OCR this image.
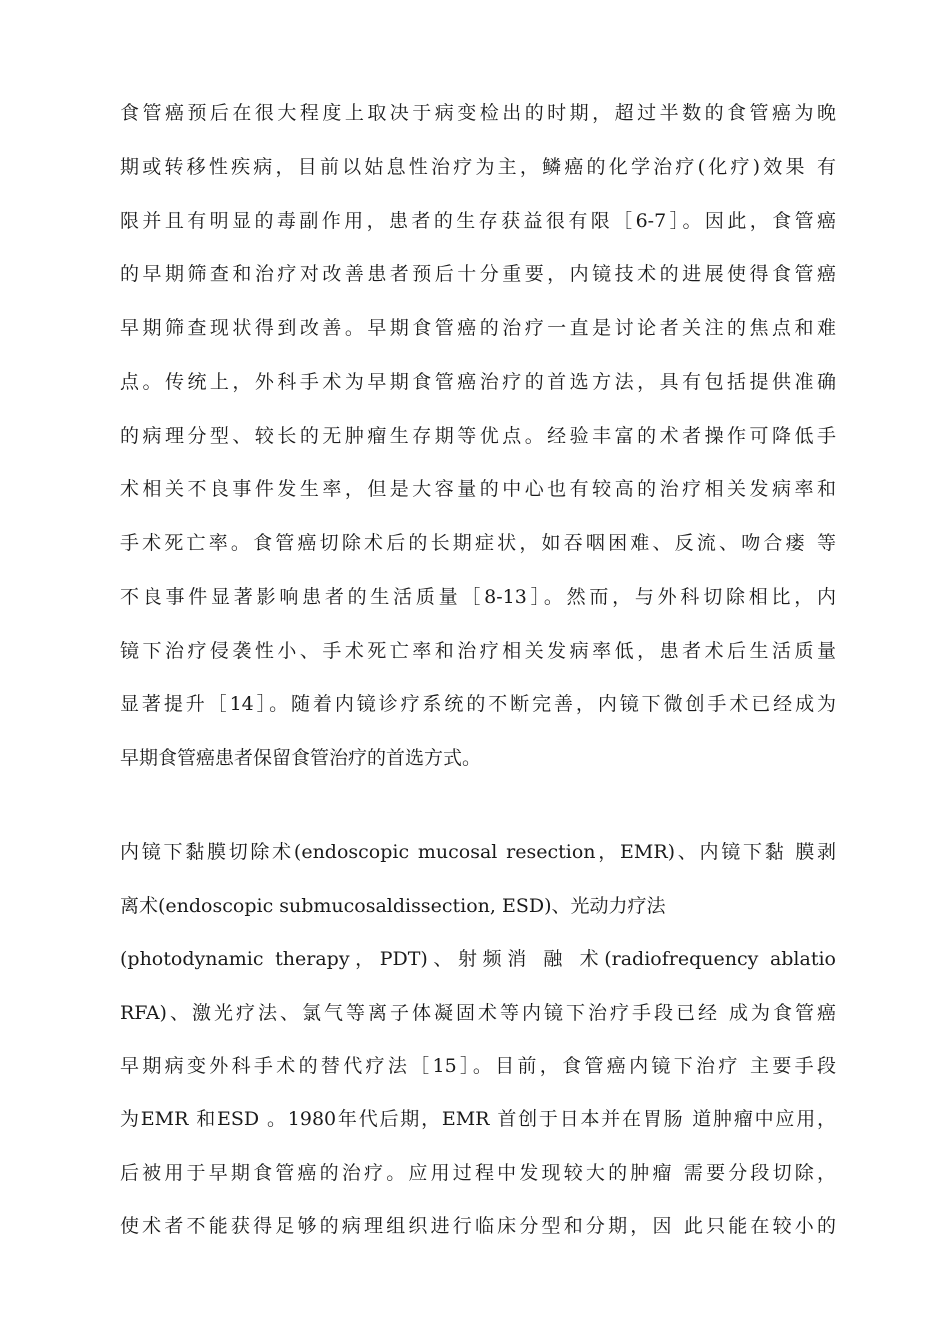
食管癌预后在很大程度上取决于病变检出的时期，超过半数的食管癌为晚
期或转移性疾病，目前以姑息性治疗为主，鳞癌的化学治疗(化疗)效果 有
限并且有明显的毒副作用，患者的生存获益很有限［6-7］。因此，食管癌
的早期筛查和治疗对改善患者预后十分重要，内镜技术的进展使得食管癌
早期筛查现状得到改善。早期食管癌的治疗一直是讨论者关注的焦点和难
点。传统上，外科手术为早期食管癌治疗的首选方法，具有包括提供准确
的病理分型、较长的无肿瘤生存期等优点。经验丰富的术者操作可降低手
术相关不良事件发生率，但是大容量的中心也有较高的治疗相关发病率和
手术死亡率。食管癌切除术后的长期症状，如吞咽困难、反流、吻合瘘 等
不良事件显著影响患者的生活质量［8-13］。然而，与外科切除相比，内
镜下治疗侵袭性小、手术死亡率和治疗相关发病率低，患者术后生活质量
显著提升［14］。随着内镜诊疗系统的不断完善，内镜下微创手术已经成为
早期食管癌患者保留食管治疗的首选方式。
内镜下黏膜切除术(endoscopic mucosal resection，EMR)、内镜下黏 膜剥
离术(endoscopic submucosaldissection, ESD)、光动力疗法
(photodynamic therapy，PDT)、射频消 融 术(radiofrequency ablatio
RFA)、激光疗法、氯气等离子体凝固术等内镜下治疗手段已经 成为食管癌
早期病变外科手术的替代疗法［15］。目前，食管癌内镜下治疗 主要手段
为EMR 和ESD 。1980年代后期，EMR 首创于日本并在胃肠 道肿瘤中应用，
后被用于早期食管癌的治疗。应用过程中发现较大的肿瘤 需要分段切除，
使术者不能获得足够的病理组织进行临床分型和分期，因 此只能在较小的
